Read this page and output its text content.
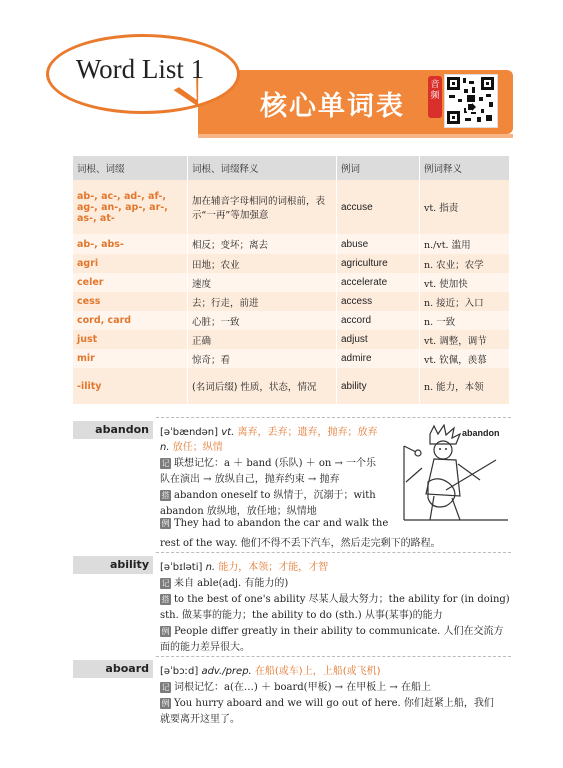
Word List 1
核心单词表
音频
词根、词缀	词根、词缀释义	例词	例词释义
ab-, ac-, ad-, af-, ag-, an-, ap-, ar-, as-, at-	加在辅音字母相同的词根前，表示“一再”等加强意	accuse	vt. 指责
ab-, abs-	相反；变坏；离去	abuse	n./vt. 滥用
agri	田地；农业	agriculture	n. 农业；农学
celer	速度	accelerate	vt. 使加快
cess	去；行走，前进	access	n. 接近；入口
cord, card	心脏；一致	accord	n. 一致
just	正确	adjust	vt. 调整，调节
mir	惊奇；看	admire	vt. 钦佩，羡慕
-ility	(名词后缀) 性质，状态，情况	ability	n. 能力，本领
abandon	[əˈbændən] vt. 离弃，丢弃；遗弃，抛弃；放弃
n. 放任；纵情
记 联想记忆：a ＋ band (乐队) ＋ on → 一个乐
队在演出 → 放纵自己，抛弃约束 → 抛弃
搭 abandon oneself to 纵情于，沉溺于；with
abandon 放纵地，放任地；纵情地
例 They had to abandon the car and walk the
rest of the way. 他们不得不丢下汽车，然后走完剩下的路程。
abandon
ability	[əˈbɪləti] n. 能力，本领；才能，才智
记 来自 able(adj. 有能力的)
搭 to the best of one's ability 尽某人最大努力；the ability for (in doing)
sth. 做某事的能力；the ability to do (sth.) 从事(某事)的能力
例 People differ greatly in their ability to communicate. 人们在交流方
面的能力差异很大。
aboard	[əˈbɔːd] adv./prep. 在船(或车)上，上船(或飞机)
记 词根记忆：a(在…) ＋ board(甲板) → 在甲板上 → 在船上
例 You hurry aboard and we will go out of here. 你们赶紧上船，我们
就要离开这里了。
